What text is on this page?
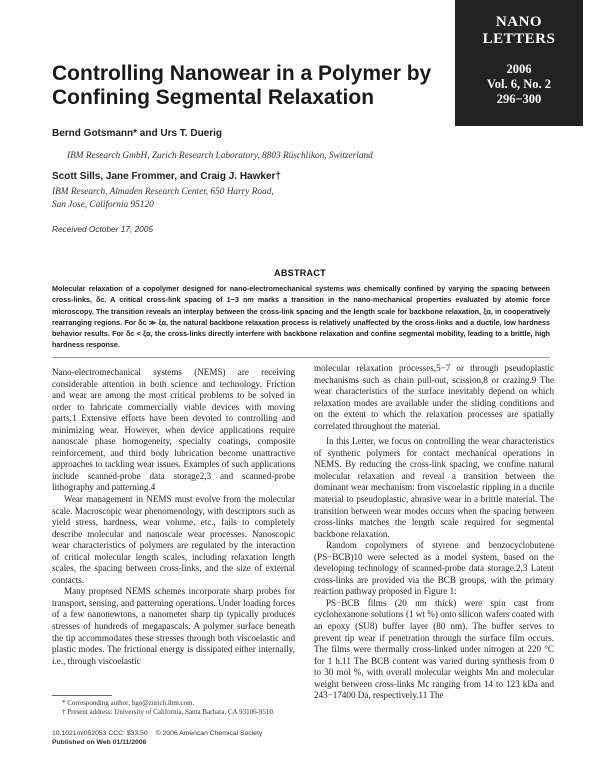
NANO
LETTERS
2006
Vol. 6, No. 2
296−300
Controlling Nanowear in a Polymer by
Confining Segmental Relaxation
Bernd Gotsmann* and Urs T. Duerig
IBM Research GmbH, Zurich Research Laboratory, 8803 Rüschlikon, Switzerland
Scott Sills, Jane Frommer, and Craig J. Hawker†
IBM Research, Almaden Research Center, 650 Harry Road,
San Jose, California 95120
Received October 17, 2005
ABSTRACT
Molecular relaxation of a copolymer designed for nano-electromechanical systems was chemically confined by varying the spacing between cross-links, δc. A critical cross-link spacing of 1−3 nm marks a transition in the nano-mechanical properties evaluated by atomic force microscopy. The transition reveals an interplay between the cross-link spacing and the length scale for backbone relaxation, ξα, in cooperatively rearranging regions. For δc ≫ ξα, the natural backbone relaxation process is relatively unaffected by the cross-links and a ductile, low hardness behavior results. For δc < ξα, the cross-links directly interfere with backbone relaxation and confine segmental mobility, leading to a brittle, high hardness response.

Nano-electromechanical systems (NEMS) are receiving considerable attention in both science and technology. Friction and wear are among the most critical problems to be solved in order to fabricate commercially viable devices with moving parts.1 Extensive efforts have been devoted to controlling and minimizing wear. However, when device applications require nanoscale phase homogeneity, specialty coatings, composite reinforcement, and third body lubrication become unattractive approaches to tackling wear issues. Examples of such applications include scanned-probe data storage2,3 and scanned-probe lithography and patterning.4

Wear management in NEMS must evolve from the molecular scale. Macroscopic wear phenomenology, with descriptors such as yield stress, hardness, wear volume, etc., fails to completely describe molecular and nanoscale wear processes. Nanoscopic wear characteristics of polymers are regulated by the interaction of critical molecular length scales, including relaxation length scales, the spacing between cross-links, and the size of external contacts.

Many proposed NEMS schemes incorporate sharp probes for transport, sensing, and patterning operations. Under loading forces of a few nanonewtons, a nanometer sharp tip typically produces stresses of hundreds of megapascals. A polymer surface beneath the tip accommodates these stresses through both viscoelastic and plastic modes. The frictional energy is dissipated either internally, i.e., through viscoelastic

molecular relaxation processes,5−7 or through pseudoplastic mechanisms such as chain pull-out, scission,8 or crazing.9 The wear characteristics of the surface inevitably depend on which relaxation modes are available under the sliding conditions and on the extent to which the relaxation processes are spatially correlated throughout the material.

In this Letter, we focus on controlling the wear characteristics of synthetic polymers for contact mechanical operations in NEMS. By reducing the cross-link spacing, we confine natural molecular relaxation and reveal a transition between the dominant wear mechanism: from viscoelastic rippling in a ductile material to pseudoplastic, abrasive wear in a brittle material. The transition between wear modes occurs when the spacing between cross-links matches the length scale required for segmental backbone relaxation.

Random copolymers of styrene and benzocyclobutene (PS−BCB)10 were selected as a model system, based on the developing technology of scanned-probe data storage.2,3 Latent cross-links are provided via the BCB groups, with the primary reaction pathway proposed in Figure 1:

PS−BCB films (20 nm thick) were spin cast from cyclohexanone solutions (1 wt %) onto silicon wafers coated with an epoxy (SU8) buffer layer (80 nm). The buffer serves to prevent tip wear if penetration through the surface film occurs. The films were thermally cross-linked under nitrogen at 220 °C for 1 h.11 The BCB content was varied during synthesis from 0 to 30 mol %, with overall molecular weights Mn and molecular weight between cross-links Mc ranging from 14 to 123 kDa and 243−17400 Da, respectively.11 The

* Corresponding author, bgo@zurich.ibm.com.

† Present address: University of California, Santa Barbara, CA 93106-9510.

10.1021/nl052053 CCC: $33.50 © 2006 American Chemical Society
Published on Web 01/11/2006
